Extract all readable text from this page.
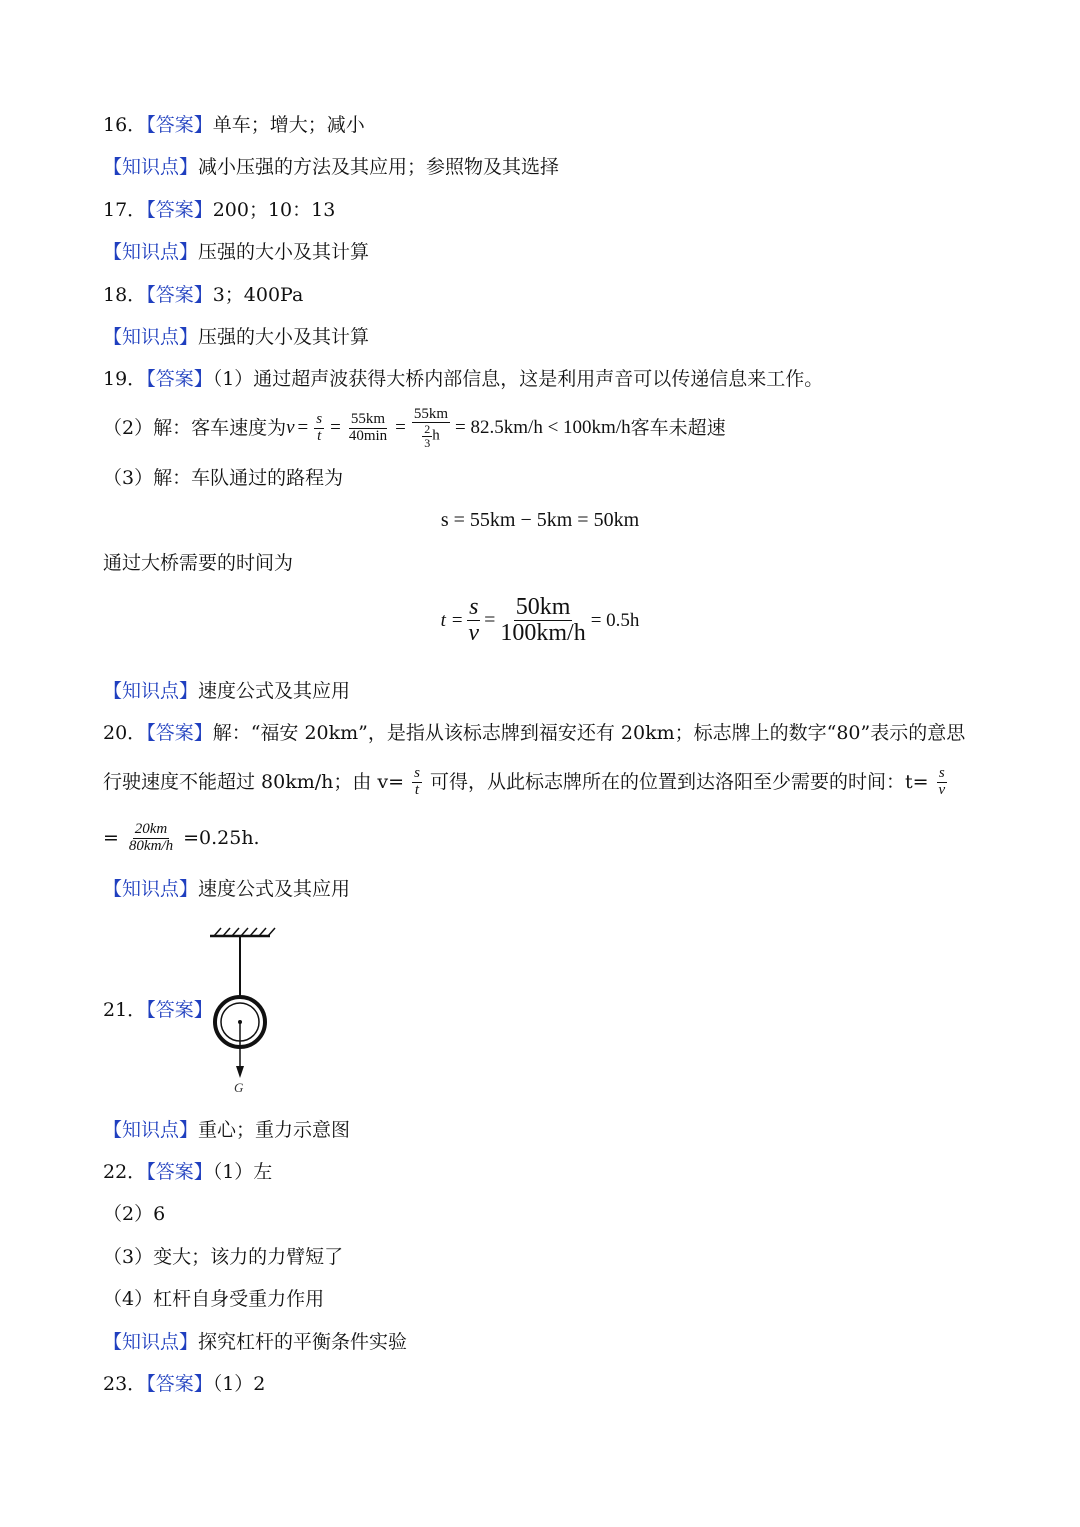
16．【答案】单车；增大；减小
【知识点】减小压强的方法及其应用；参照物及其选择
17．【答案】200；10：13
【知识点】压强的大小及其计算
18．【答案】3；400Pa
【知识点】压强的大小及其计算
19．【答案】（1）通过超声波获得大桥内部信息，这是利用声音可以传递信息来工作。
（2）解：客车速度为 $v = \frac{s}{t} = \frac{55km}{40\min} = \frac{55km}{\frac{2}{3} h} = 82.5km/h < 100km/h$ 客车未超速
（3）解：车队通过的路程为
s = 55km − 5km = 50km
通过大桥需要的时间为
$t = \frac{s}{v} = \frac{50km}{100km/h} = 0.5h$
【知识点】速度公式及其应用
20．【答案】解：“福安 20km”，是指从该标志牌到福安还有 20km；标志牌上的数字“80”表示的意思
行驶速度不能超过 80km/h；由 $v= \frac{s}{t}$ 可得，从此标志牌所在的位置到达洛阳至少需要的时间：$t= \frac{s}{v}$
= $\frac{20km}{80km/h} =0.25h$.
【知识点】速度公式及其应用
21．【答案】
G
【知识点】重心；重力示意图
22．【答案】（1）左
（2）6
（3）变大；该力的力臂短了
（4）杠杆自身受重力作用
【知识点】探究杠杆的平衡条件实验
23．【答案】（1）2
